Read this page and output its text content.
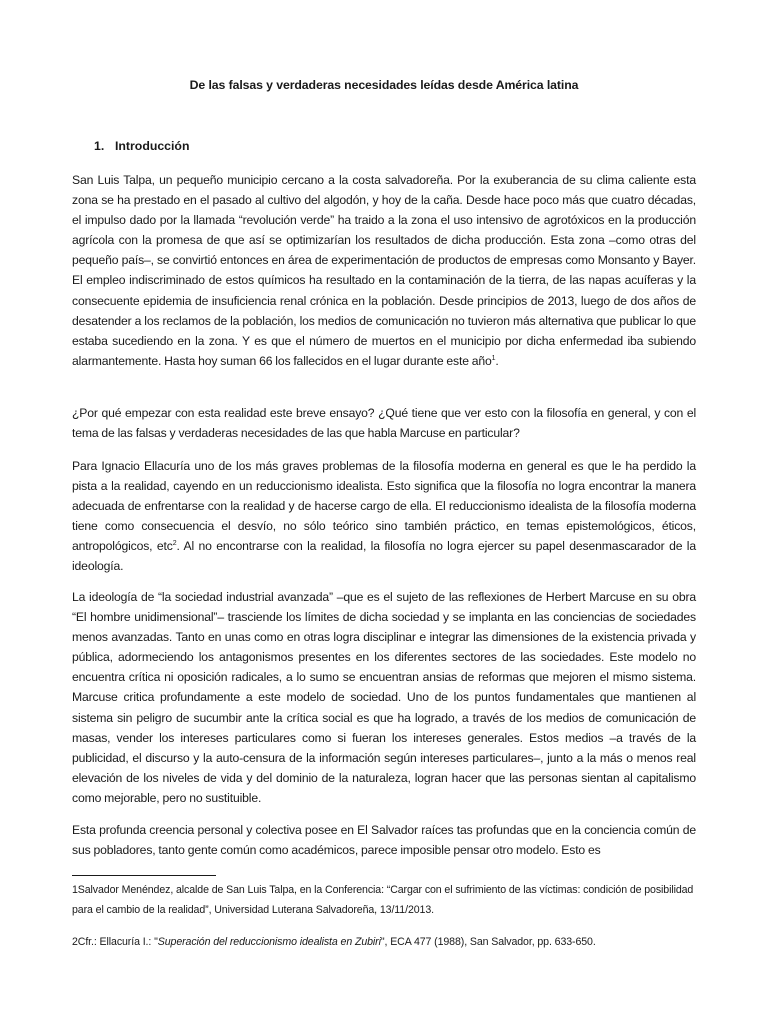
De las falsas y verdaderas necesidades leídas desde América latina
1. Introducción

San Luis Talpa, un pequeño municipio cercano a la costa salvadoreña. Por la exuberancia de su clima caliente esta zona se ha prestado en el pasado al cultivo del algodón, y hoy de la caña. Desde hace poco más que cuatro décadas, el impulso dado por la llamada “revolución verde” ha traido a la zona el uso intensivo de agrotóxicos en la producción agrícola con la promesa de que así se optimizarían los resultados de dicha producción. Esta zona –como otras del pequeño país–, se convirtió entonces en área de experimentación de productos de empresas como Monsanto y Bayer. El empleo indiscriminado de estos químicos ha resultado en la contaminación de la tierra, de las napas acuíferas y la consecuente epidemia de insuficiencia renal crónica en la población. Desde principios de 2013, luego de dos años de desatender a los reclamos de la población, los medios de comunicación no tuvieron más alternativa que publicar lo que estaba sucediendo en la zona. Y es que el número de muertos en el municipio por dicha enfermedad iba subiendo alarmantemente. Hasta hoy suman 66 los fallecidos en el lugar durante este año$^1$.

¿Por qué empezar con esta realidad este breve ensayo? ¿Qué tiene que ver esto con la filosofía en general, y con el tema de las falsas y verdaderas necesidades de las que habla Marcuse en particular?

Para Ignacio Ellacuría uno de los más graves problemas de la filosofía moderna en general es que le ha perdido la pista a la realidad, cayendo en un reduccionismo idealista. Esto significa que la filosofía no logra encontrar la manera adecuada de enfrentarse con la realidad y de hacerse cargo de ella. El reduccionismo idealista de la filosofía moderna tiene como consecuencia el desvío, no sólo teórico sino también práctico, en temas epistemológicos, éticos, antropológicos, etc$^2$. Al no encontrarse con la realidad, la filosofía no logra ejercer su papel desenmascarador de la ideología.

La ideología de “la sociedad industrial avanzada” –que es el sujeto de las reflexiones de Herbert Marcuse en su obra “El hombre unidimensional”– trasciende los límites de dicha sociedad y se implanta en las conciencias de sociedades menos avanzadas. Tanto en unas como en otras logra disciplinar e integrar las dimensiones de la existencia privada y pública, adormeciendo los antagonismos presentes en los diferentes sectores de las sociedades. Este modelo no encuentra crítica ni oposición radicales, a lo sumo se encuentran ansias de reformas que mejoren el mismo sistema. Marcuse critica profundamente a este modelo de sociedad. Uno de los puntos fundamentales que mantienen al sistema sin peligro de sucumbir ante la crítica social es que ha logrado, a través de los medios de comunicación de masas, vender los intereses particulares como si fueran los intereses generales. Estos medios –a través de la publicidad, el discurso y la auto-censura de la información según intereses particulares–, junto a la más o menos real elevación de los niveles de vida y del dominio de la naturaleza, logran hacer que las personas sientan al capitalismo como mejorable, pero no sustituible.

Esta profunda creencia personal y colectiva posee en El Salvador raíces tas profundas que en la conciencia común de sus pobladores, tanto gente común como académicos, parece imposible pensar otro modelo. Esto es

1Salvador Menéndez, alcalde de San Luis Talpa, en la Conferencia: “Cargar con el sufrimiento de las víctimas: condición de posibilidad para el cambio de la realidad”, Universidad Luterana Salvadoreña, 13/11/2013.

2Cfr.: Ellacuría I.: "Superación del reduccionismo idealista en Zubiri", ECA 477 (1988), San Salvador, pp. 633-650.
